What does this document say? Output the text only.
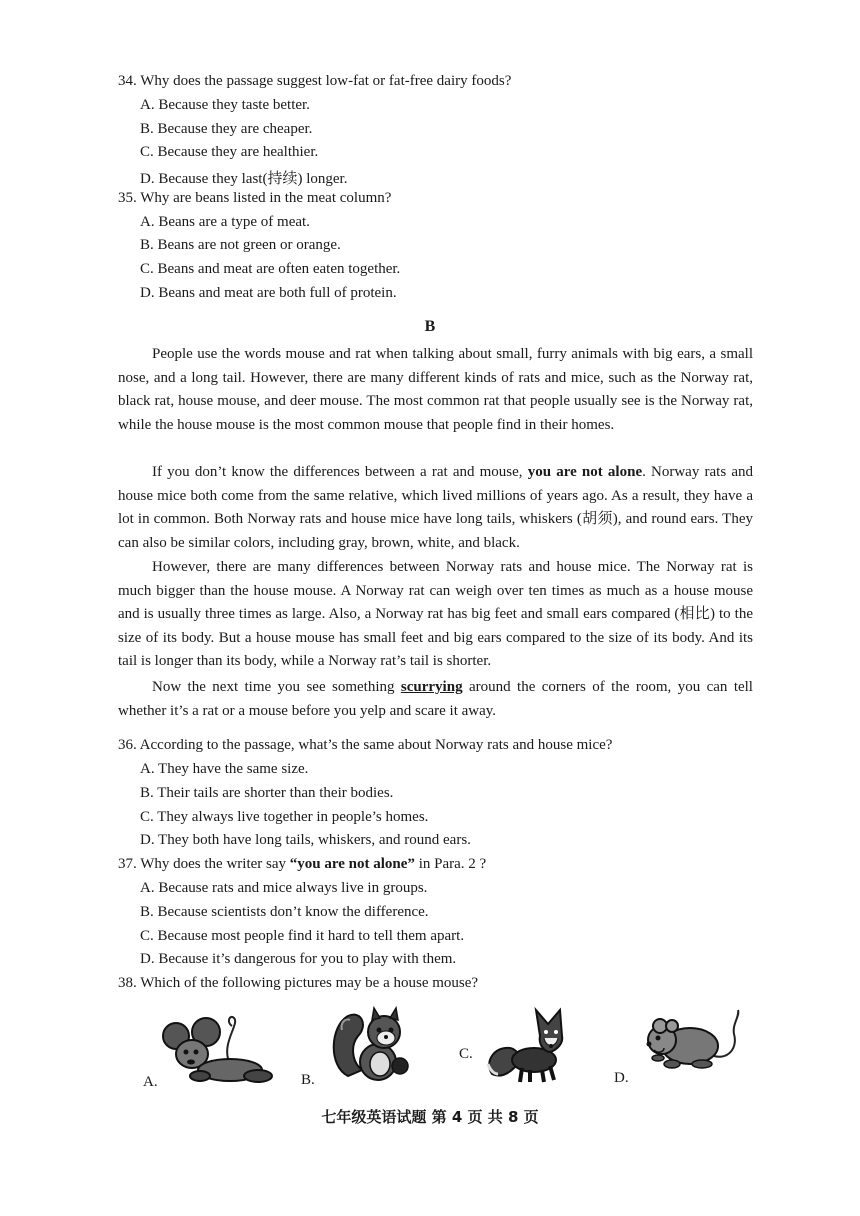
34. Why does the passage suggest low-fat or fat-free dairy foods?
A. Because they taste better.
B. Because they are cheaper.
C. Because they are healthier.
D. Because they last(持续) longer.
35. Why are beans listed in the meat column?
A. Beans are a type of meat.
B. Beans are not green or orange.
C. Beans and meat are often eaten together.
D. Beans and meat are both full of protein.
B
People use the words mouse and rat when talking about small, furry animals with big ears, a small nose, and a long tail. However, there are many different kinds of rats and mice, such as the Norway rat, black rat, house mouse, and deer mouse. The most common rat that people usually see is the Norway rat, while the house mouse is the most common mouse that people find in their homes.
If you don’t know the differences between a rat and mouse, you are not alone. Norway rats and house mice both come from the same relative, which lived millions of years ago. As a result, they have a lot in common. Both Norway rats and house mice have long tails, whiskers (胡须), and round ears. They can also be similar colors, including gray, brown, white, and black.
However, there are many differences between Norway rats and house mice. The Norway rat is much bigger than the house mouse. A Norway rat can weigh over ten times as much as a house mouse and is usually three times as large. Also, a Norway rat has big feet and small ears compared (相比) to the size of its body. But a house mouse has small feet and big ears compared to the size of its body. And its tail is longer than its body, while a Norway rat’s tail is shorter.
Now the next time you see something scurrying around the corners of the room, you can tell whether it’s a rat or a mouse before you yelp and scare it away.
36. According to the passage, what’s the same about Norway rats and house mice?
A. They have the same size.
B. Their tails are shorter than their bodies.
C. They always live together in people’s homes.
D. They both have long tails, whiskers, and round ears.
37. Why does the writer say “you are not alone” in Para. 2 ?
A. Because rats and mice always live in groups.
B. Because scientists don’t know the difference.
C. Because most people find it hard to tell them apart.
D. Because it’s dangerous for you to play with them.
38. Which of the following pictures may be a house mouse?
A.	B.
C.
D.
七年级英语试题 第 4 页 共 8 页
